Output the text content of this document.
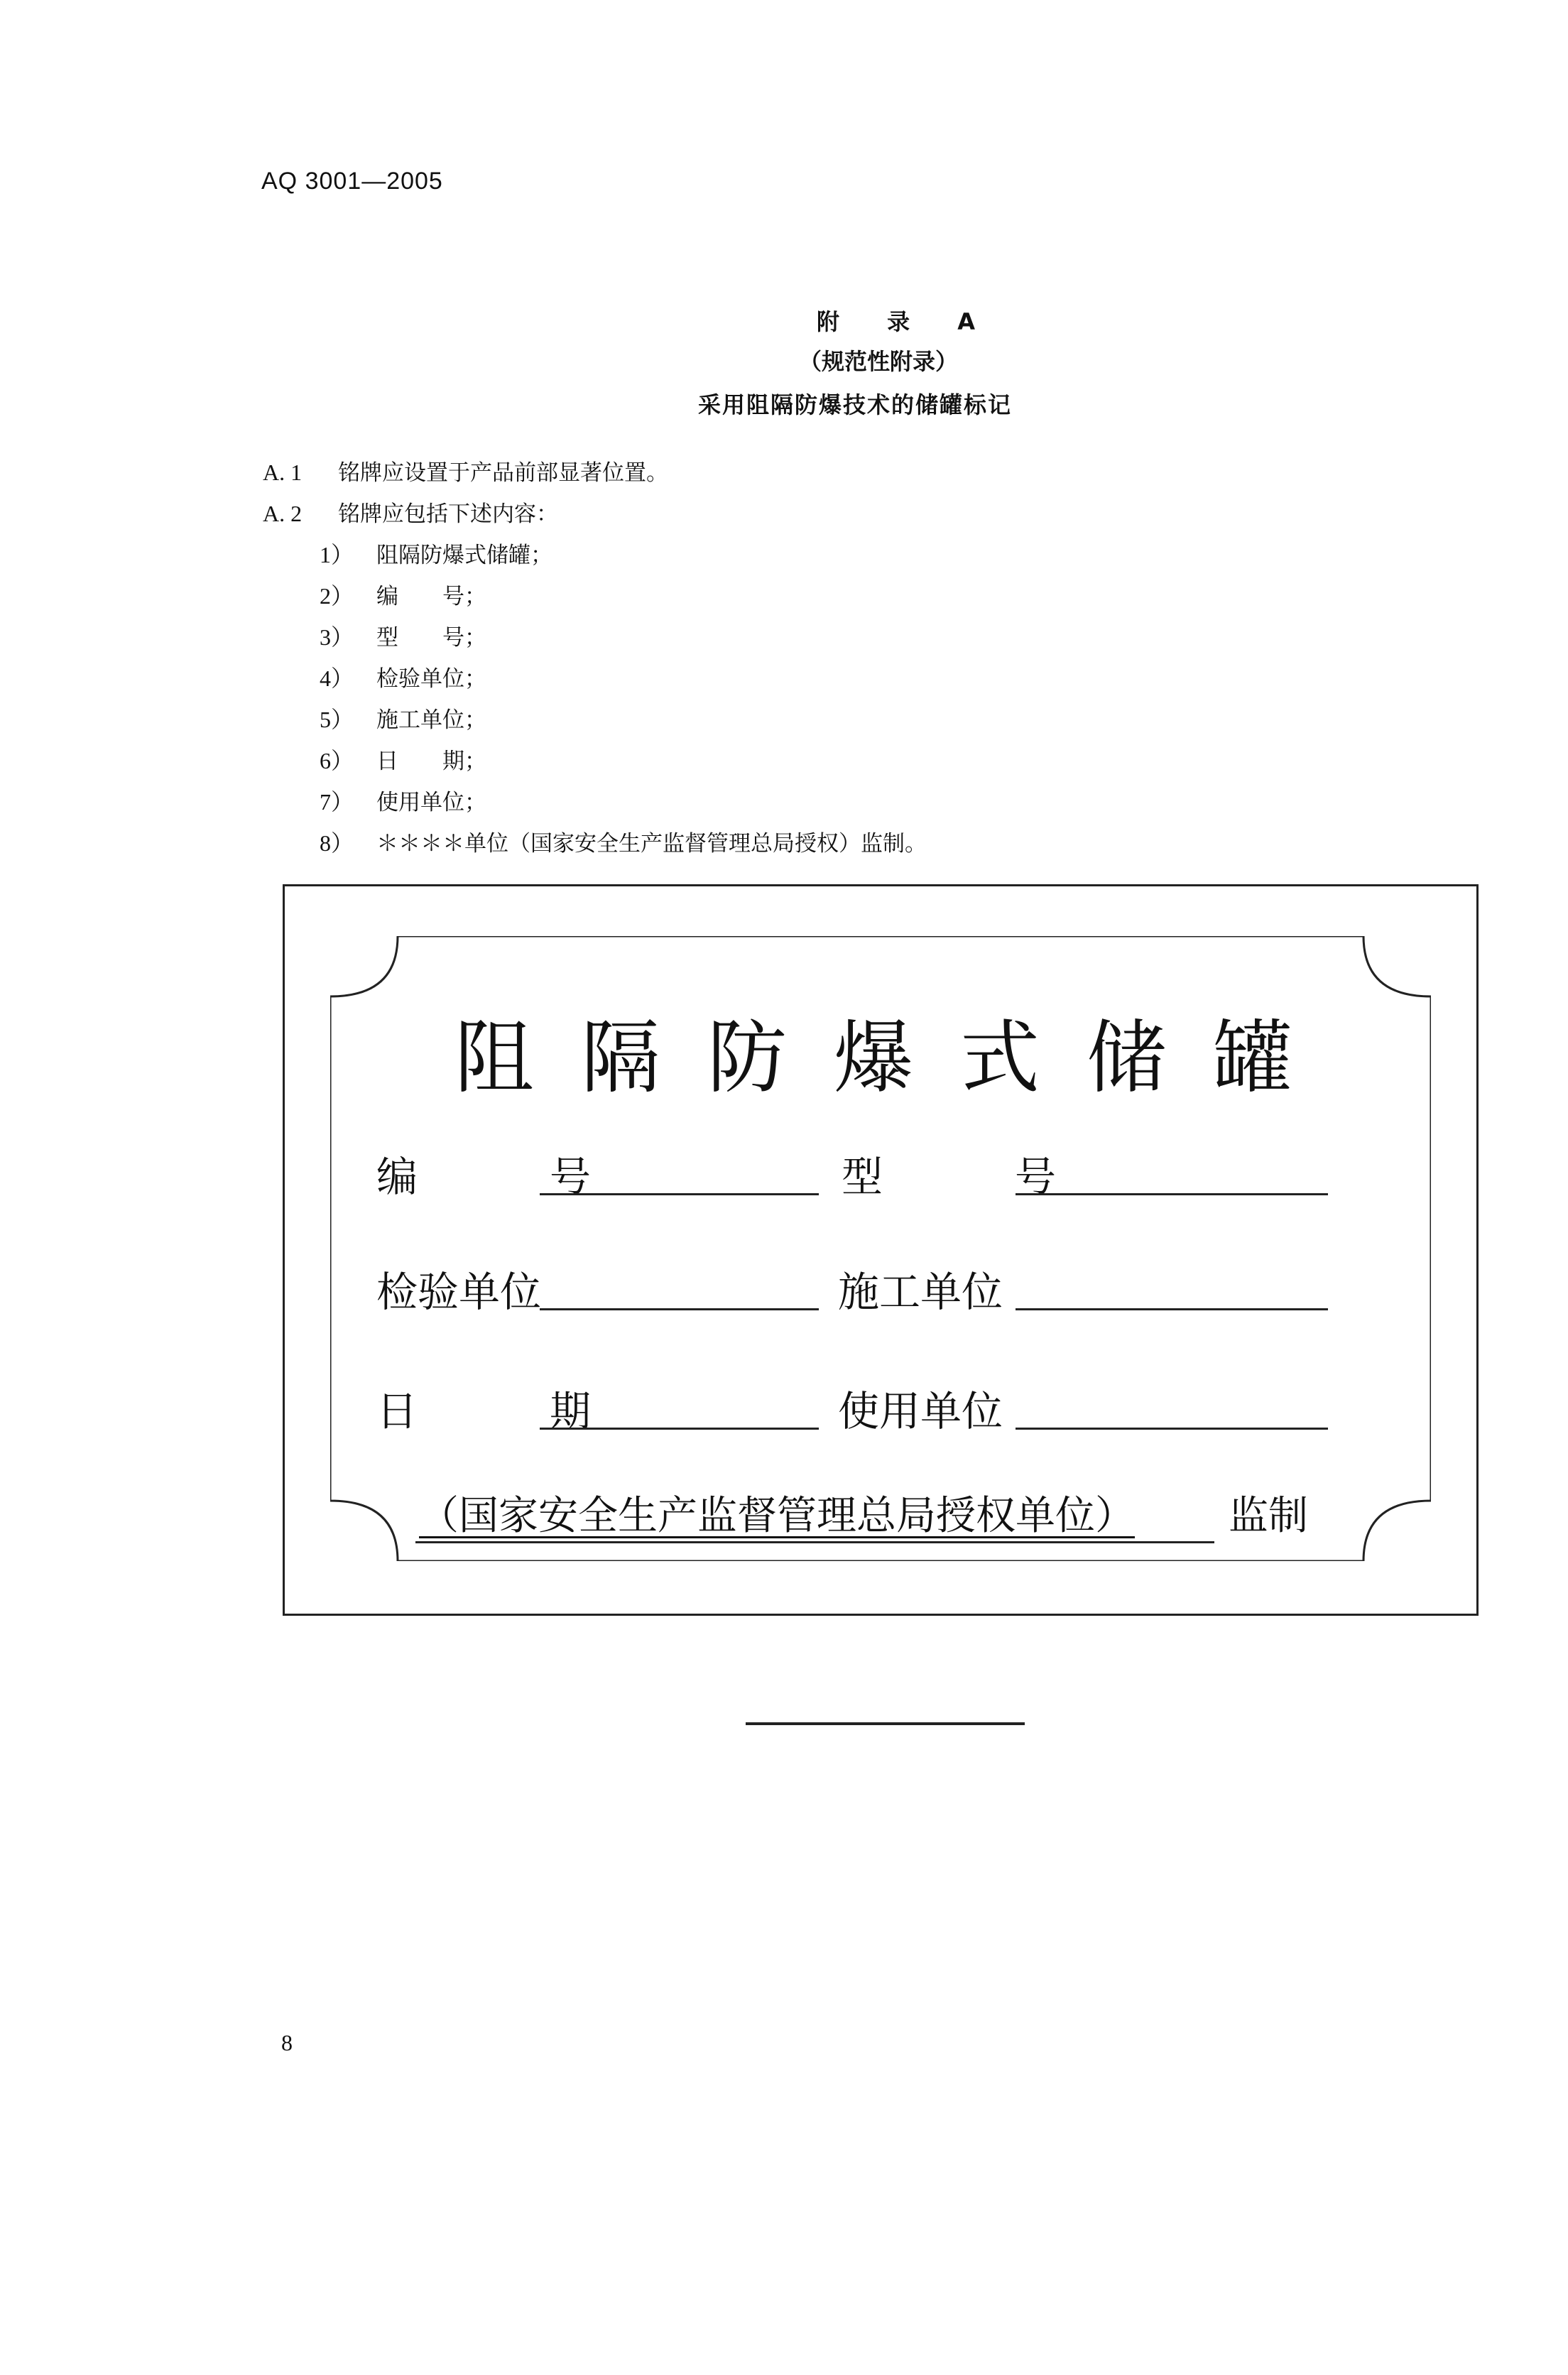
AQ 3001—2005
附 录 A
（规范性附录）
采用阻隔防爆技术的储罐标记
A. 1 铭牌应设置于产品前部显著位置。
A. 2 铭牌应包括下述内容：
1） 阻隔防爆式储罐；
2） 编　　号；
3） 型　　号；
4） 检验单位；
5） 施工单位；
6） 日　　期；
7） 使用单位；
8） ＊＊＊＊单位（国家安全生产监督管理总局授权）监制。
阻隔防爆式储罐
编　号	型　号
检验单位	施工单位
日　期	使用单位
（国家安全生产监督管理总局授权单位） 监制
8
